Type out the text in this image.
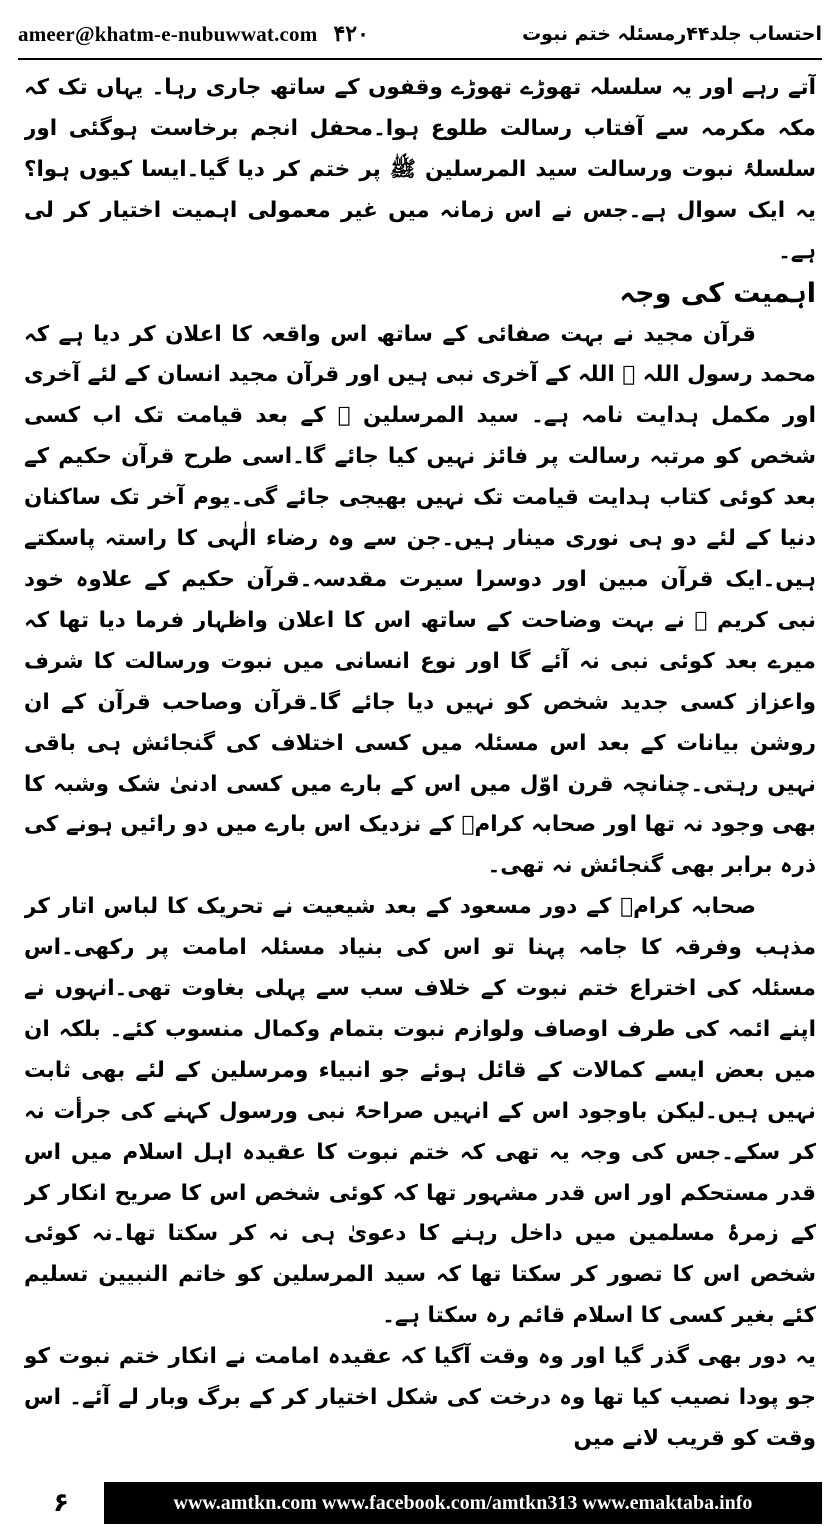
ameer@khatm-e-nubuwwat.com ۴۲۰	احتساب جلد۴۴رمسئلہ ختم نبوت

آتے رہے اور یہ سلسلہ تھوڑے تھوڑے وقفوں کے ساتھ جاری رہا۔ یہاں تک کہ مکہ مکرمہ سے آفتاب رسالت طلوع ہوا۔محفل انجم برخاست ہوگئی اور سلسلۂ نبوت ورسالت سید المرسلین ﷺ پر ختم کر دیا گیا۔ایسا کیوں ہوا؟ یہ ایک سوال ہے۔جس نے اس زمانہ میں غیر معمولی اہمیت اختیار کر لی ہے۔

اہمیت کی وجہ

قرآن مجید نے بہت صفائی کے ساتھ اس واقعہ کا اعلان کر دیا ہے کہ محمد رسول اللہ ﷺ اللہ کے آخری نبی ہیں اور قرآن مجید انسان کے لئے آخری اور مکمل ہدایت نامہ ہے۔ سید المرسلین ﷺ کے بعد قیامت تک اب کسی شخص کو مرتبہ رسالت پر فائز نہیں کیا جائے گا۔اسی طرح قرآن حکیم کے بعد کوئی کتاب ہدایت قیامت تک نہیں بھیجی جائے گی۔یوم آخر تک ساکنان دنیا کے لئے دو ہی نوری مینار ہیں۔جن سے وہ رضاء الٰہی کا راستہ پاسکتے ہیں۔ایک قرآن مبین اور دوسرا سیرت مقدسہ۔قرآن حکیم کے علاوہ خود نبی کریم ﷺ نے بہت وضاحت کے ساتھ اس کا اعلان واظہار فرما دیا تھا کہ میرے بعد کوئی نبی نہ آئے گا اور نوع انسانی میں نبوت ورسالت کا شرف واعزاز کسی جدید شخص کو نہیں دیا جائے گا۔قرآن وصاحب قرآن کے ان روشن بیانات کے بعد اس مسئلہ میں کسی اختلاف کی گنجائش ہی باقی نہیں رہتی۔چنانچہ قرن اوّل میں اس کے بارے میں کسی ادنیٰ شک وشبہ کا بھی وجود نہ تھا اور صحابہ کرامؓ کے نزدیک اس بارے میں دو رائیں ہونے کی ذرہ برابر بھی گنجائش نہ تھی۔

صحابہ کرامؓ کے دور مسعود کے بعد شیعیت نے تحریک کا لباس اتار کر مذہب وفرقہ کا جامہ پہنا تو اس کی بنیاد مسئلہ امامت پر رکھی۔اس مسئلہ کی اختراع ختم نبوت کے خلاف سب سے پہلی بغاوت تھی۔انہوں نے اپنے ائمہ کی طرف اوصاف ولوازم نبوت بتمام وکمال منسوب کئے۔ بلکہ ان میں بعض ایسے کمالات کے قائل ہوئے جو انبیاء ومرسلین کے لئے بھی ثابت نہیں ہیں۔لیکن باوجود اس کے انہیں صراحۃً نبی ورسول کہنے کی جرأت نہ کر سکے۔جس کی وجہ یہ تھی کہ ختم نبوت کا عقیدہ اہل اسلام میں اس قدر مستحکم اور اس قدر مشہور تھا کہ کوئی شخص اس کا صریح انکار کر کے زمرۂ مسلمین میں داخل رہنے کا دعویٰ ہی نہ کر سکتا تھا۔نہ کوئی شخص اس کا تصور کر سکتا تھا کہ سید المرسلین کو خاتم النبیین تسلیم کئے بغیر کسی کا اسلام قائم رہ سکتا ہے۔

یہ دور بھی گذر گیا اور وہ وقت آگیا کہ عقیدہ امامت نے انکار ختم نبوت کو جو پودا نصیب کیا تھا وہ درخت کی شکل اختیار کر کے برگ وبار لے آئے۔ اس وقت کو قریب لانے میں

۶	www.amtkn.com www.facebook.com/amtkn313 www.emaktaba.info
